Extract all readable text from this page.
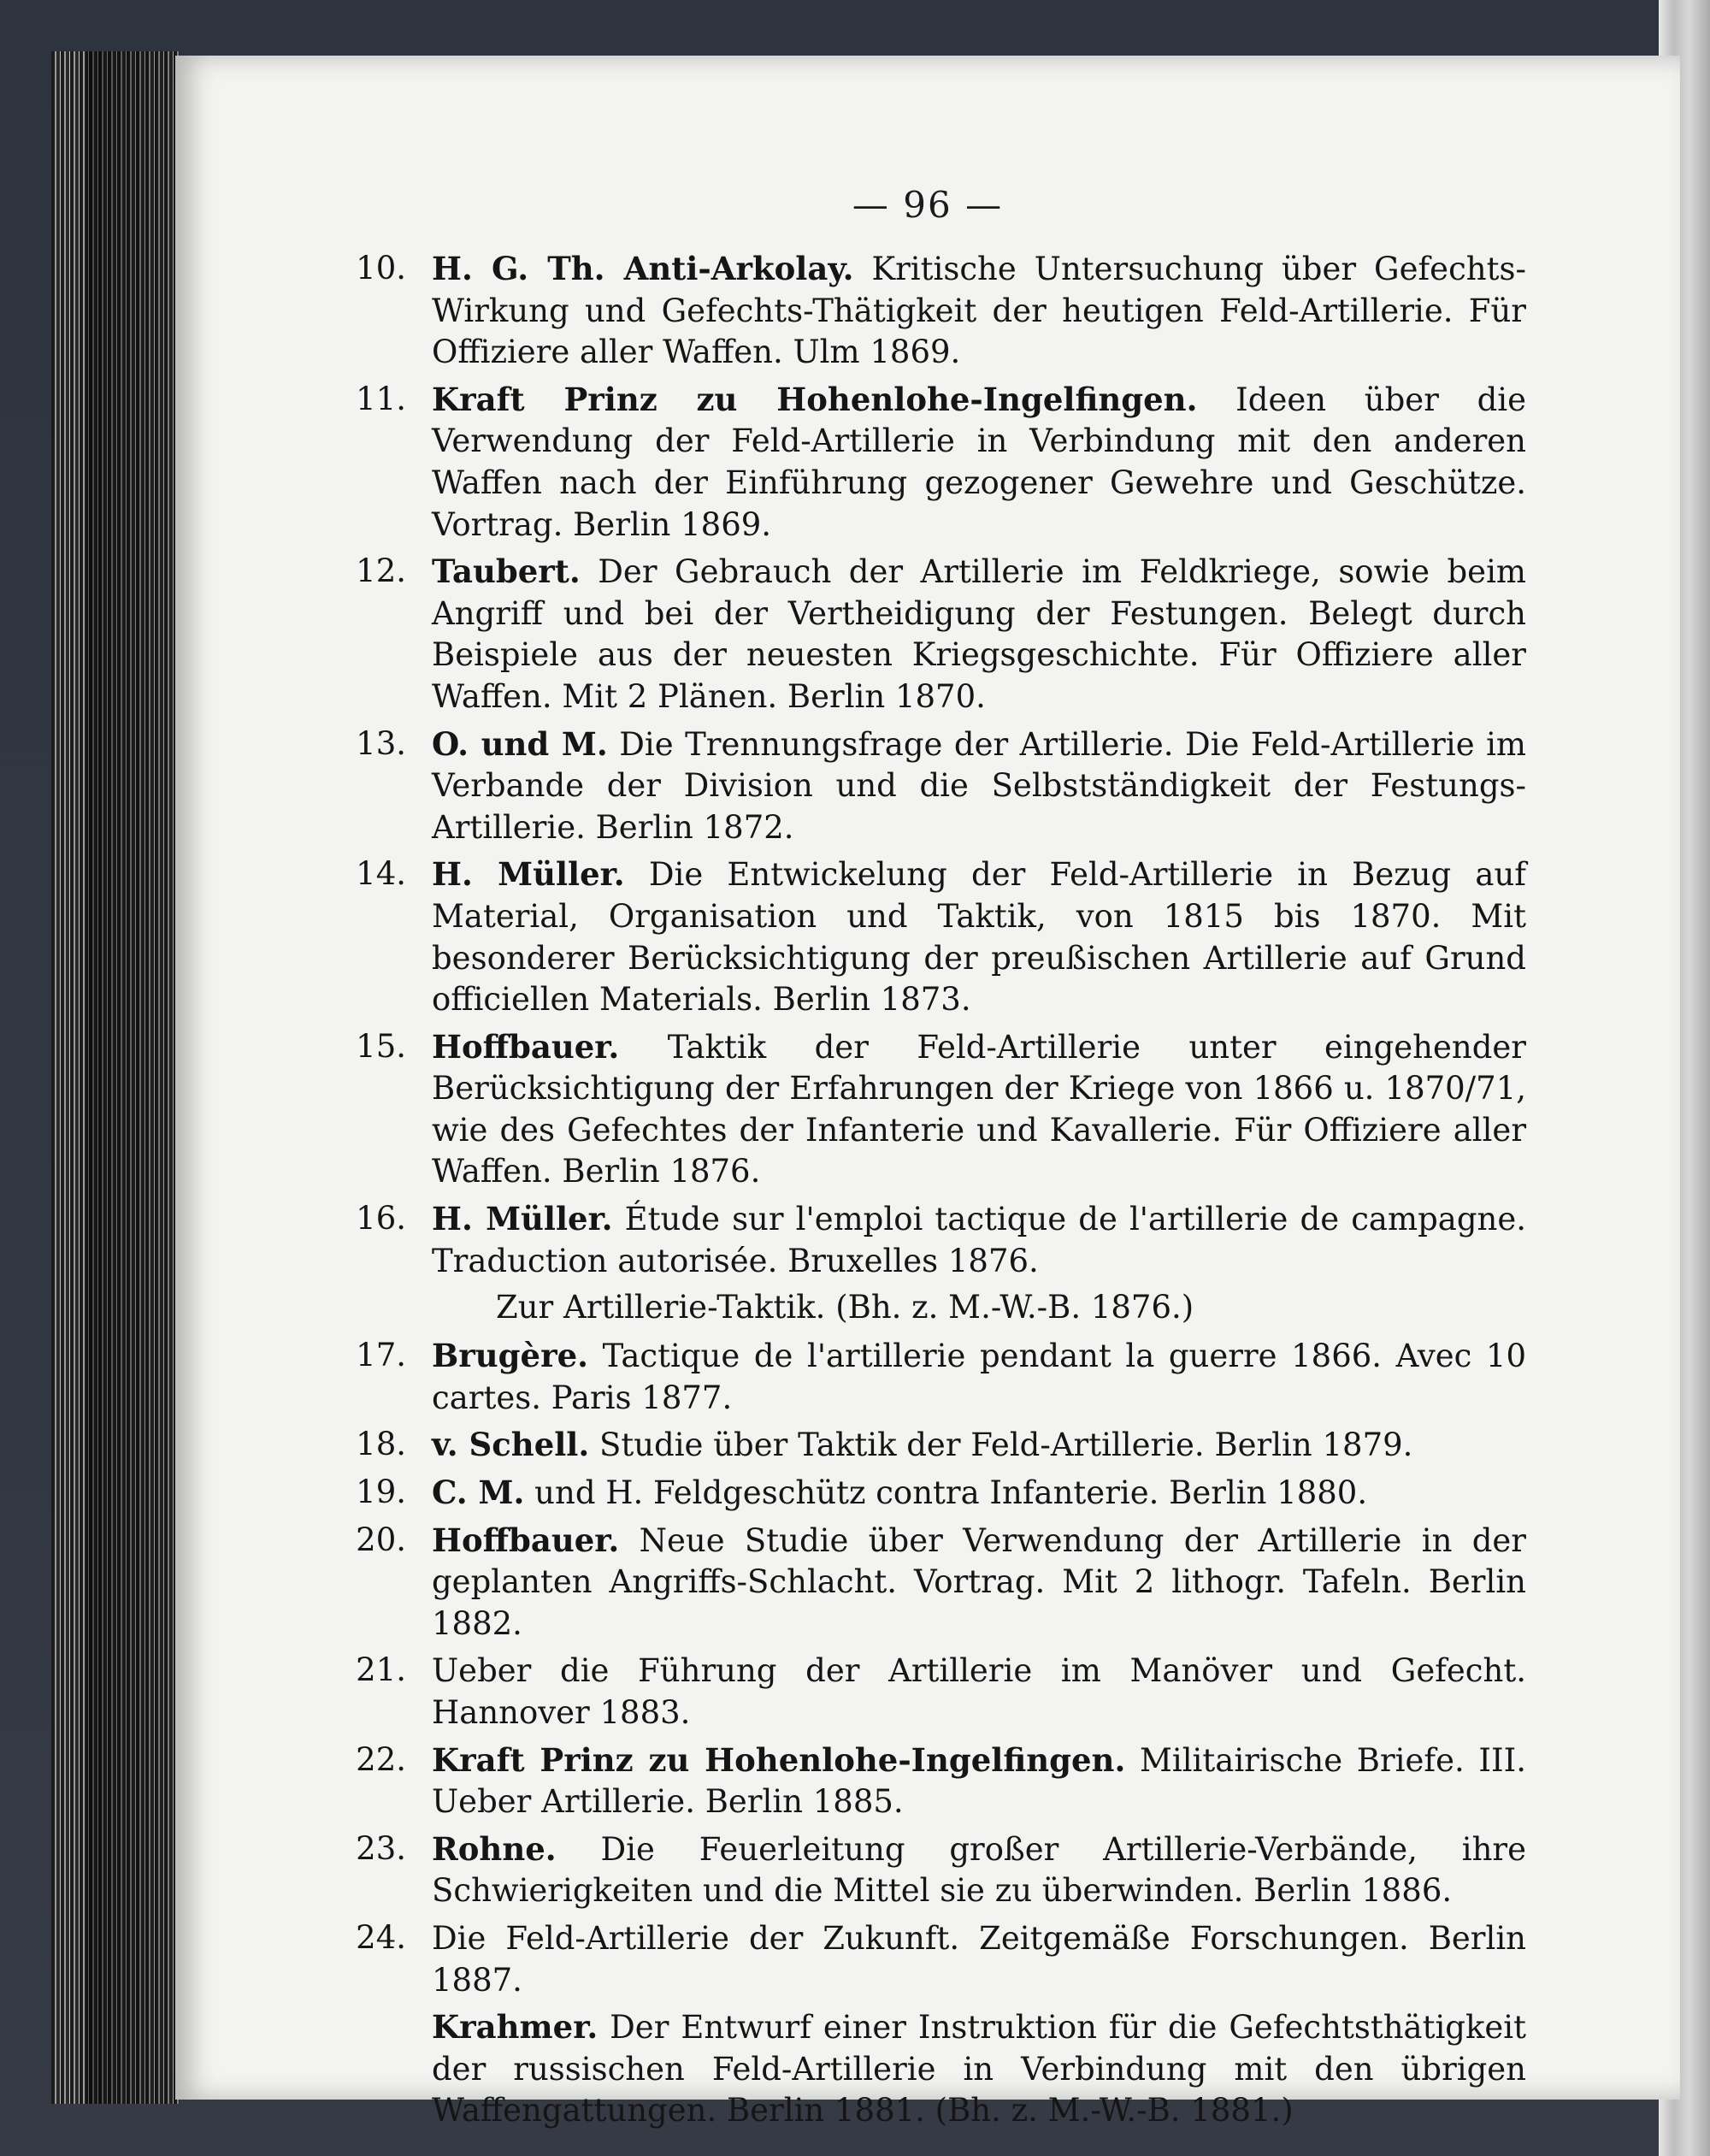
— 96 —
10. H. G. Th. Anti-Arkolay. Kritische Untersuchung über Gefechts-Wirkung und Gefechts-Thätigkeit der heutigen Feld-Artillerie. Für Offiziere aller Waffen. Ulm 1869.
11. Kraft Prinz zu Hohenlohe-Ingelfingen. Ideen über die Verwendung der Feld-Artillerie in Verbindung mit den anderen Waffen nach der Einführung gezogener Gewehre und Geschütze. Vortrag. Berlin 1869.
12. Taubert. Der Gebrauch der Artillerie im Feldkriege, sowie beim Angriff und bei der Vertheidigung der Festungen. Belegt durch Beispiele aus der neuesten Kriegsgeschichte. Für Offiziere aller Waffen. Mit 2 Plänen. Berlin 1870.
13. O. und M. Die Trennungsfrage der Artillerie. Die Feld-Artillerie im Verbande der Division und die Selbstständigkeit der Festungs-Artillerie. Berlin 1872.
14. H. Müller. Die Entwickelung der Feld-Artillerie in Bezug auf Material, Organisation und Taktik, von 1815 bis 1870. Mit besonderer Berücksichtigung der preußischen Artillerie auf Grund officiellen Materials. Berlin 1873.
15. Hoffbauer. Taktik der Feld-Artillerie unter eingehender Berücksichtigung der Erfahrungen der Kriege von 1866 u. 1870/71, wie des Gefechtes der Infanterie und Kavallerie. Für Offiziere aller Waffen. Berlin 1876.
16. H. Müller. Étude sur l'emploi tactique de l'artillerie de campagne. Traduction autorisée. Bruxelles 1876.
Zur Artillerie-Taktik. (Bh. z. M.-W.-B. 1876.)
17. Brugère. Tactique de l'artillerie pendant la guerre 1866. Avec 10 cartes. Paris 1877.
18. v. Schell. Studie über Taktik der Feld-Artillerie. Berlin 1879.
19. C. M. und H. Feldgeschütz contra Infanterie. Berlin 1880.
20. Hoffbauer. Neue Studie über Verwendung der Artillerie in der geplanten Angriffs-Schlacht. Vortrag. Mit 2 lithogr. Tafeln. Berlin 1882.
21. Ueber die Führung der Artillerie im Manöver und Gefecht. Hannover 1883.
22. Kraft Prinz zu Hohenlohe-Ingelfingen. Militairische Briefe. III. Ueber Artillerie. Berlin 1885.
23. Rohne. Die Feuerleitung großer Artillerie-Verbände, ihre Schwierigkeiten und die Mittel sie zu überwinden. Berlin 1886.
24. Die Feld-Artillerie der Zukunft. Zeitgemäße Forschungen. Berlin 1887.
Krahmer. Der Entwurf einer Instruktion für die Gefechtsthätigkeit der russischen Feld-Artillerie in Verbindung mit den übrigen Waffengattungen. Berlin 1881. (Bh. z. M.-W.-B. 1881.)
